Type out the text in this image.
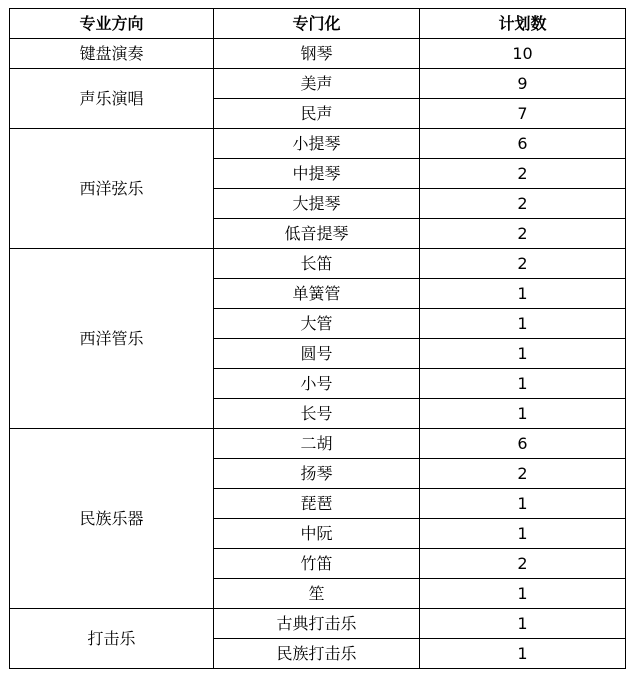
专业方向	专门化	计划数
键盘演奏	钢琴	10
声乐演唱	美声	9
	民声	7
西洋弦乐	小提琴	6
	中提琴	2
	大提琴	2
	低音提琴	2
西洋管乐	长笛	2
	单簧管	1
	大管	1
	圆号	1
	小号	1
	长号	1
民族乐器	二胡	6
	扬琴	2
	琵琶	1
	中阮	1
	竹笛	2
	笙	1
打击乐	古典打击乐	1
	民族打击乐	1
